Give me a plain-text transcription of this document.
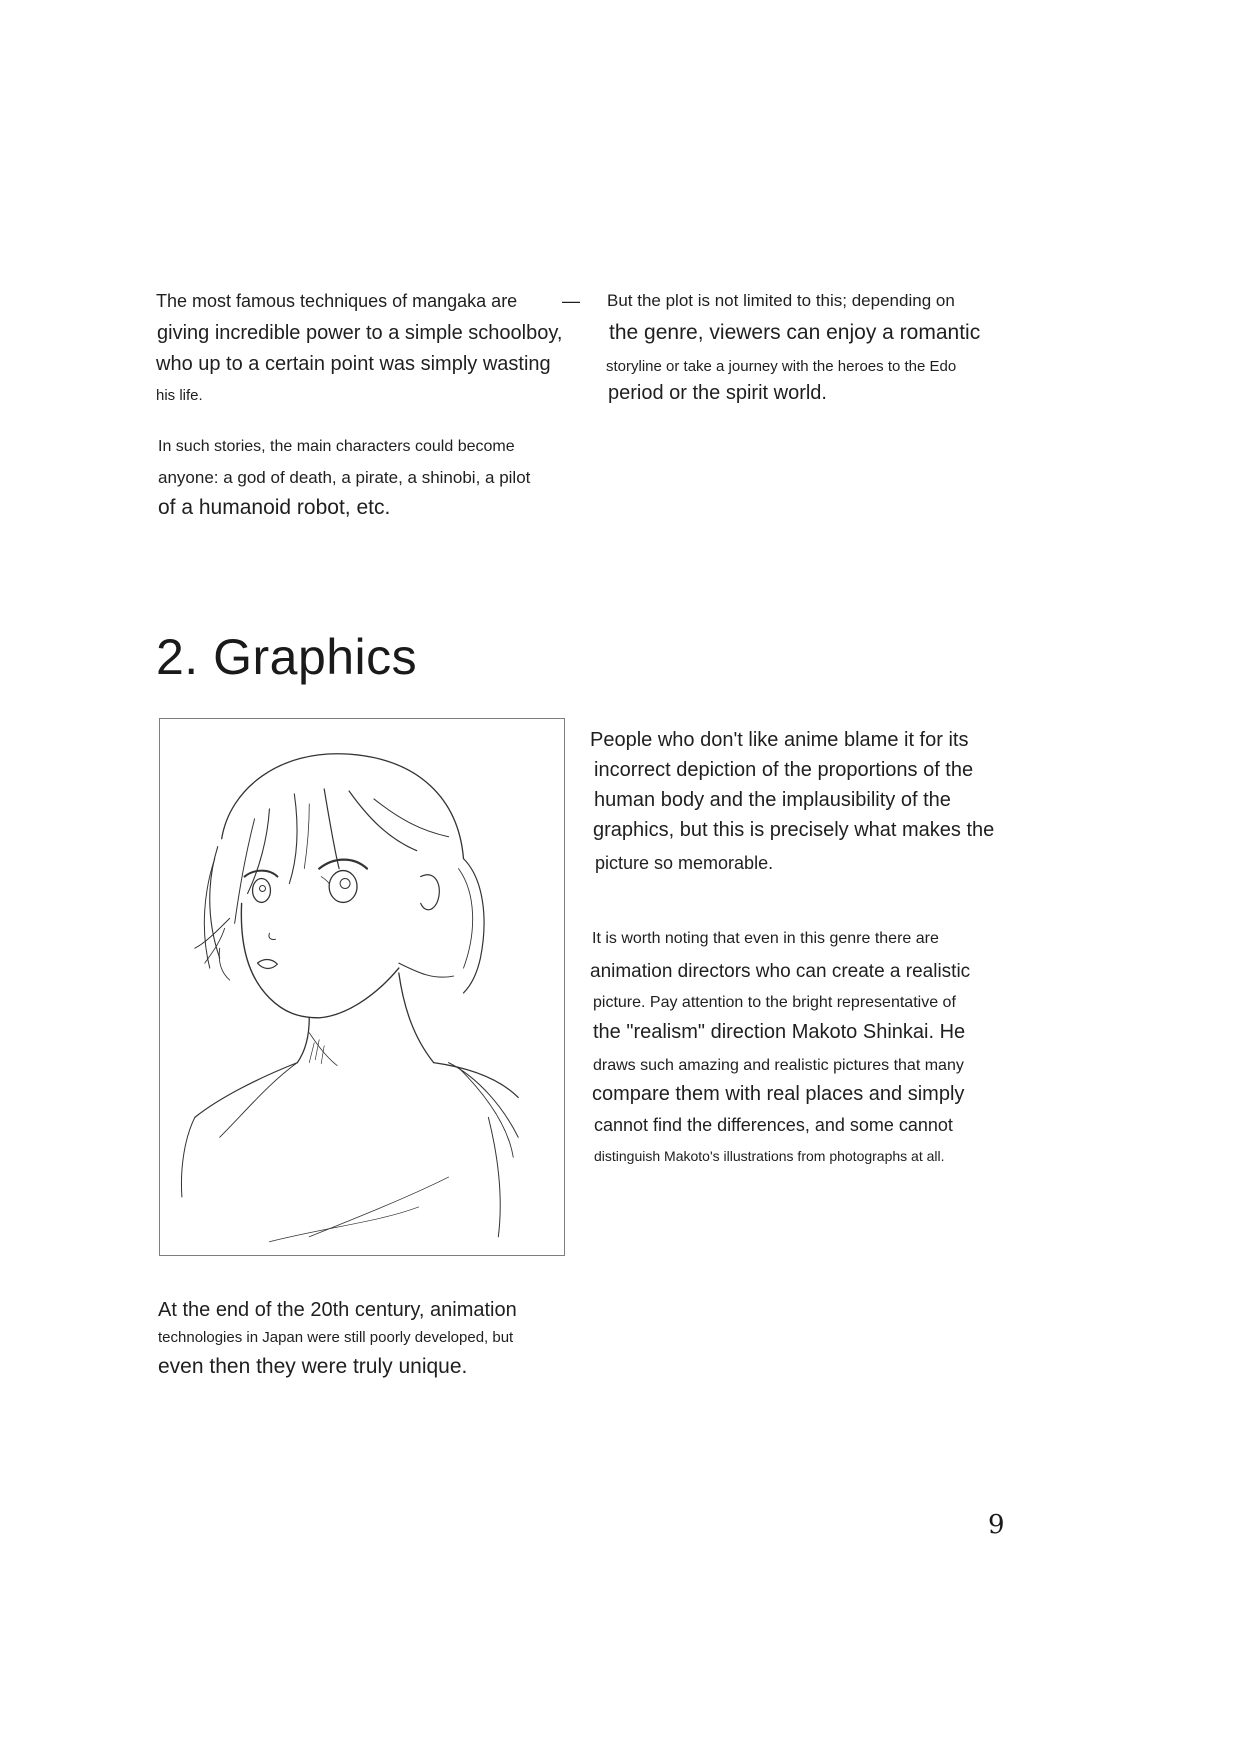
The most famous techniques of mangaka are —
giving incredible power to a simple schoolboy,
who up to a certain point was simply wasting
his life.
In such stories, the main characters could become
anyone: a god of death, a pirate, a shinobi, a pilot
of a humanoid robot, etc.
But the plot is not limited to this; depending on
the genre, viewers can enjoy a romantic
storyline or take a journey with the heroes to the Edo
period or the spirit world.
2. Graphics
People who don't like anime blame it for its
incorrect depiction of the proportions of the
human body and the implausibility of the
graphics, but this is precisely what makes the
picture so memorable.
It is worth noting that even in this genre there are
animation directors who can create a realistic
picture. Pay attention to the bright representative of
the "realism" direction Makoto Shinkai. He
draws such amazing and realistic pictures that many
compare them with real places and simply
cannot find the differences, and some cannot
distinguish Makoto's illustrations from photographs at all.
At the end of the 20th century, animation
technologies in Japan were still poorly developed, but
even then they were truly unique.
9
